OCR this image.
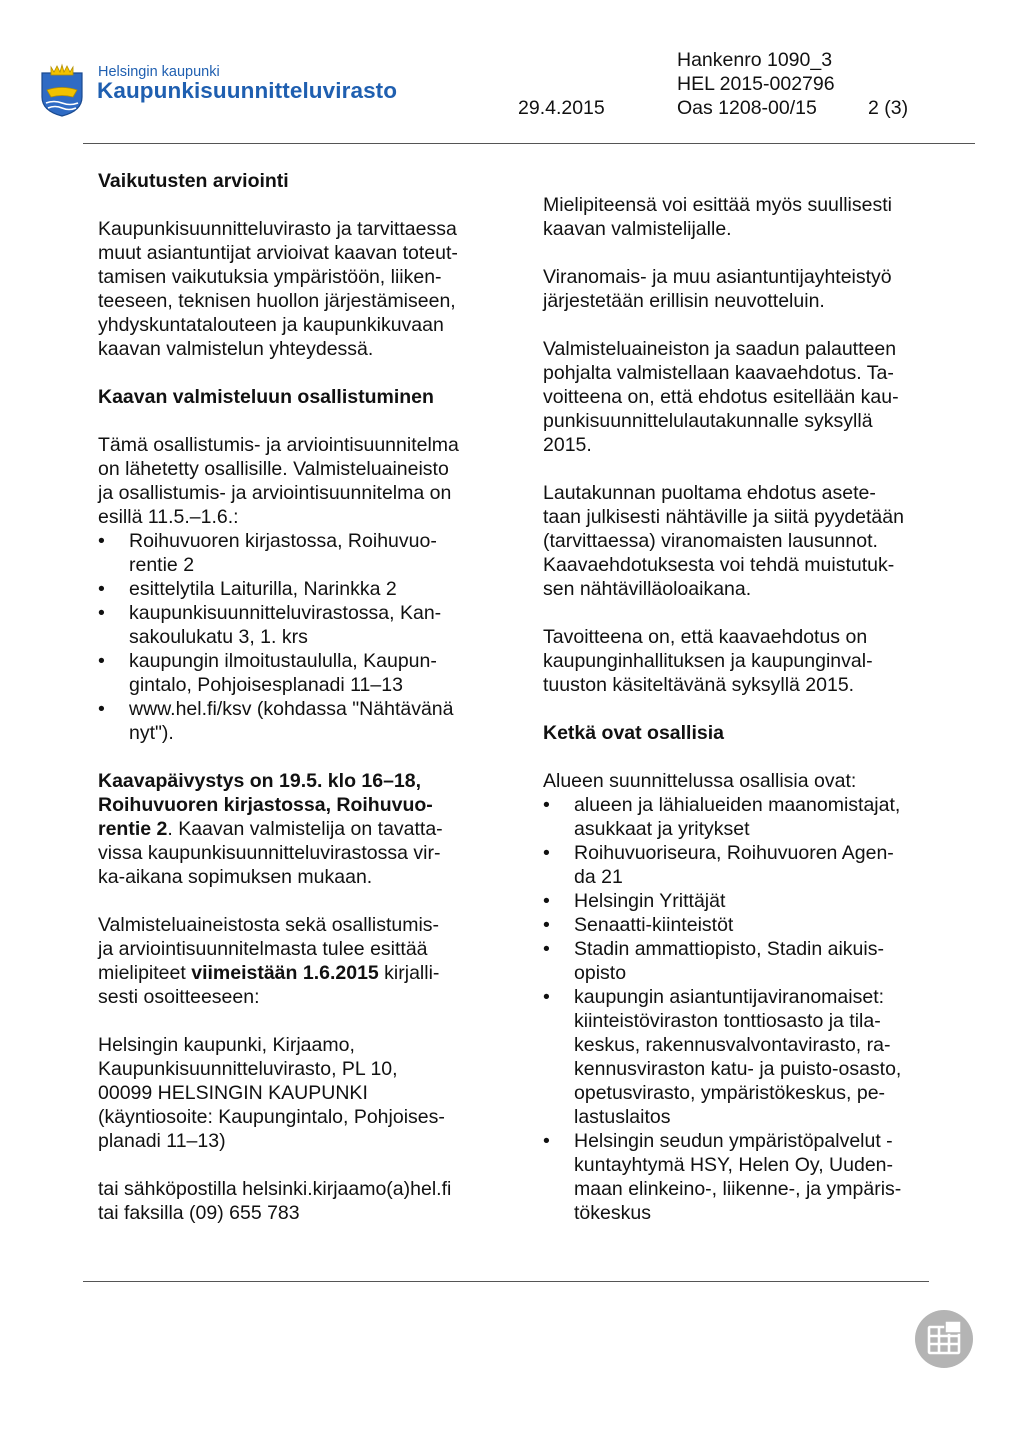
Helsingin kaupunki
Kaupunkisuunnitteluvirasto
29.4.2015
Hankenro 1090_3
HEL 2015-002796
Oas 1208-00/15	2 (3)
Vaikutusten arviointi

Kaupunkisuunnitteluvirasto ja tarvittaessa
muut asiantuntijat arvioivat kaavan toteut-
tamisen vaikutuksia ympäristöön, liiken-
teeseen, teknisen huollon järjestämiseen,
yhdyskuntatalouteen ja kaupunkikuvaan
kaavan valmistelun yhteydessä.

Kaavan valmisteluun osallistuminen

Tämä osallistumis- ja arviointisuunnitelma
on lähetetty osallisille. Valmisteluaineisto
ja osallistumis- ja arviointisuunnitelma on
esillä 11.5.–1.6.:

• Roihuvuoren kirjastossa, Roihuvuo-
rentie 2
• esittelytila Laiturilla, Narinkka 2
• kaupunkisuunnitteluvirastossa, Kan-
sakoulukatu 3, 1. krs
• kaupungin ilmoitustaululla, Kaupun-
gintalo, Pohjoisesplanadi 11–13
• www.hel.fi/ksv (kohdassa "Nähtävänä
nyt").

Kaavapäivystys on 19.5. klo 16–18,
Roihuvuoren kirjastossa, Roihuvuo-
rentie 2. Kaavan valmistelija on tavatta-
vissa kaupunkisuunnitteluvirastossa vir-
ka-aikana sopimuksen mukaan.

Valmisteluaineistosta sekä osallistumis-
ja arviointisuunnitelmasta tulee esittää
mielipiteet viimeistään 1.6.2015 kirjalli-
sesti osoitteeseen:

Helsingin kaupunki, Kirjaamo,
Kaupunkisuunnitteluvirasto, PL 10,
00099 HELSINGIN KAUPUNKI
(käyntiosoite: Kaupungintalo, Pohjoises-
planadi 11–13)

tai sähköpostilla helsinki.kirjaamo(a)hel.fi
tai faksilla (09) 655 783

Mielipiteensä voi esittää myös suullisesti
kaavan valmistelijalle.

Viranomais- ja muu asiantuntijayhteistyö
järjestetään erillisin neuvotteluin.

Valmisteluaineiston ja saadun palautteen
pohjalta valmistellaan kaavaehdotus. Ta-
voitteena on, että ehdotus esitellään kau-
punkisuunnittelulautakunnalle syksyllä
2015.

Lautakunnan puoltama ehdotus asete-
taan julkisesti nähtäville ja siitä pyydetään
(tarvittaessa) viranomaisten lausunnot.
Kaavaehdotuksesta voi tehdä muistutuk-
sen nähtävilläoloaikana.

Tavoitteena on, että kaavaehdotus on
kaupunginhallituksen ja kaupunginval-
tuuston käsiteltävänä syksyllä 2015.

Ketkä ovat osallisia

Alueen suunnittelussa osallisia ovat:

• alueen ja lähialueiden maanomistajat,
asukkaat ja yritykset
• Roihuvuoriseura, Roihuvuoren Agen-
da 21
• Helsingin Yrittäjät
• Senaatti-kiinteistöt
• Stadin ammattiopisto, Stadin aikuis-
opisto
• kaupungin asiantuntijaviranomaiset:
kiinteistöviraston tonttiosasto ja tila-
keskus, rakennusvalvontavirasto, ra-
kennusviraston katu- ja puisto-osasto,
opetusvirasto, ympäristökeskus, pe-
lastuslaitos
• Helsingin seudun ympäristöpalvelut -
kuntayhtymä HSY, Helen Oy, Uuden-
maan elinkeino-, liikenne-, ja ympäris-
tökeskus
